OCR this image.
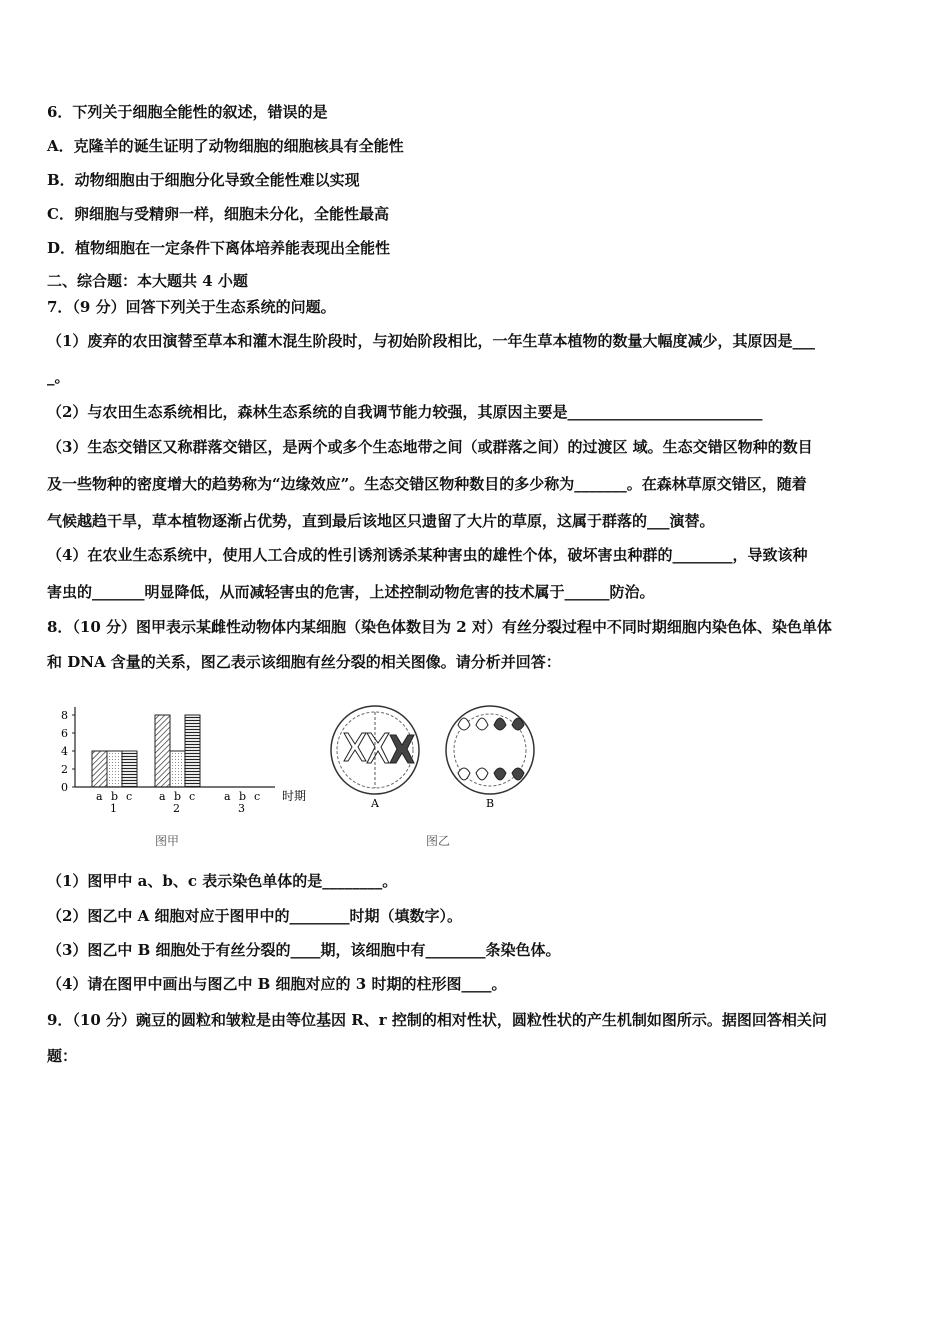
6．下列关于细胞全能性的叙述，错误的是
A．克隆羊的诞生证明了动物细胞的细胞核具有全能性
B．动物细胞由于细胞分化导致全能性难以实现
C．卵细胞与受精卵一样，细胞未分化，全能性最高
D．植物细胞在一定条件下离体培养能表现出全能性
二、综合题：本大题共 4 小题
7．（9 分）回答下列关于生态系统的问题。
（1）废弃的农田演替至草本和灌木混生阶段时，与初始阶段相比，一年生草本植物的数量大幅度减少，其原因是___
_。
（2）与农田生态系统相比，森林生态系统的自我调节能力较强，其原因主要是__________________________
（3）生态交错区又称群落交错区，是两个或多个生态地带之间（或群落之间）的过渡区 域。生态交错区物种的数目
及一些物种的密度增大的趋势称为“边缘效应”。生态交错区物种数目的多少称为_______。在森林草原交错区，随着
气候越趋干旱，草本植物逐渐占优势，直到最后该地区只遗留了大片的草原，这属于群落的___演替。
（4）在农业生态系统中，使用人工合成的性引诱剂诱杀某种害虫的雄性个体，破坏害虫种群的________，导致该种
害虫的_______明显降低，从而减轻害虫的危害，上述控制动物危害的技术属于______防治。
8．（10 分）图甲表示某雌性动物体内某细胞（染色体数目为 2 对）有丝分裂过程中不同时期细胞内染色体、染色单体
和 DNA 含量的关系，图乙表示该细胞有丝分裂的相关图像。请分析并回答：
0
2
4
6
8
时期
a b c
1
a b c
2
a b c
3	A	B
图甲	图乙
（1）图甲中 a、b、c 表示染色单体的是________。
（2）图乙中 A 细胞对应于图甲中的________时期（填数字）。
（3）图乙中 B 细胞处于有丝分裂的____期，该细胞中有________条染色体。
（4）请在图甲中画出与图乙中 B 细胞对应的 3 时期的柱形图____。
9．（10 分）豌豆的圆粒和皱粒是由等位基因 R、r 控制的相对性状，圆粒性状的产生机制如图所示。据图回答相关问
题：
